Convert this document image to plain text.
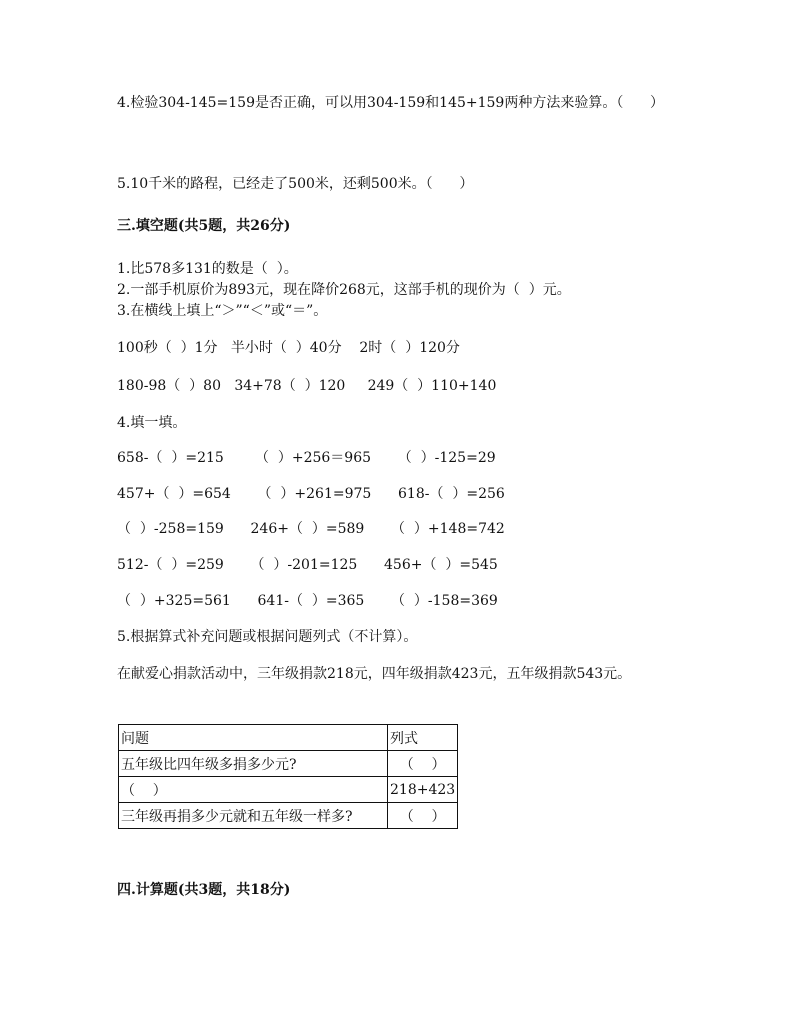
4.检验304-145=159是否正确，可以用304-159和145+159两种方法来验算。（      ）
5.10千米的路程，已经走了500米，还剩500米。（      ）
三.填空题(共5题，共26分)
1.比578多131的数是（  ）。
2.一部手机原价为893元，现在降价268元，这部手机的现价为（  ）元。
3.在横线上填上“＞”“＜”或“＝”。
100秒（  ）1分   半小时（  ）40分    2时（  ）120分
180-98（  ）80   34+78（  ）120     249（  ）110+140
4.填一填。
658-（  ）=215       （  ）+256＝965      （  ）-125=29
457+（  ）=654      （  ）+261=975      618-（  ）=256
（  ）-258=159      246+（  ）=589      （  ）+148=742
512-（  ）=259      （  ）-201=125      456+（  ）=545
（  ）+325=561      641-（  ）=365      （  ）-158=369
5.根据算式补充问题或根据问题列式（不计算）。
在献爱心捐款活动中，三年级捐款218元，四年级捐款423元，五年级捐款543元。
问题	列式
五年级比四年级多捐多少元?	（    ）
（    ）	218+423
三年级再捐多少元就和五年级一样多?	（    ）
四.计算题(共3题，共18分)
